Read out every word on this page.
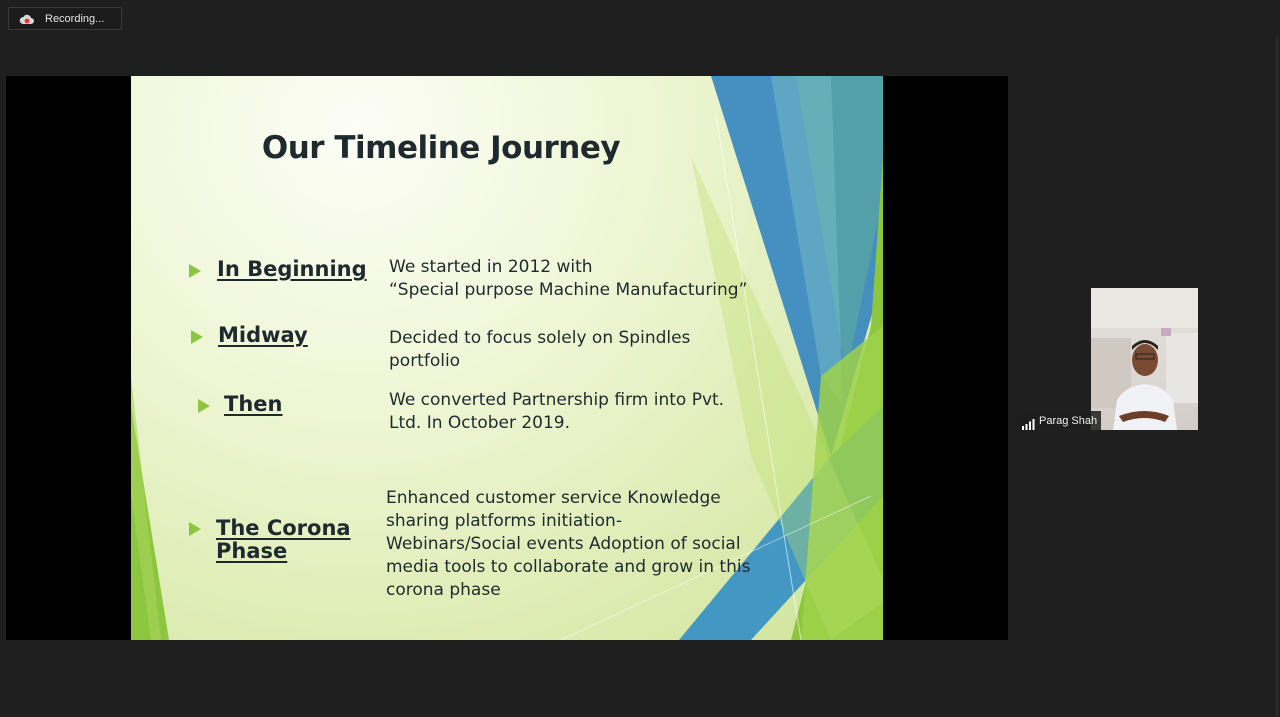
Recording...
Our Timeline Journey
In Beginning We started in 2012 with
“Special purpose Machine Manufacturing”
Midway	Decided to focus solely on Spindles
portfolio
Then	We converted Partnership firm into Pvt.
Ltd. In October 2019.
The Corona
Phase
Enhanced customer service Knowledge
sharing platforms initiation-
Webinars/Social events Adoption of social
media tools to collaborate and grow in this
corona phase
Parag Shah
